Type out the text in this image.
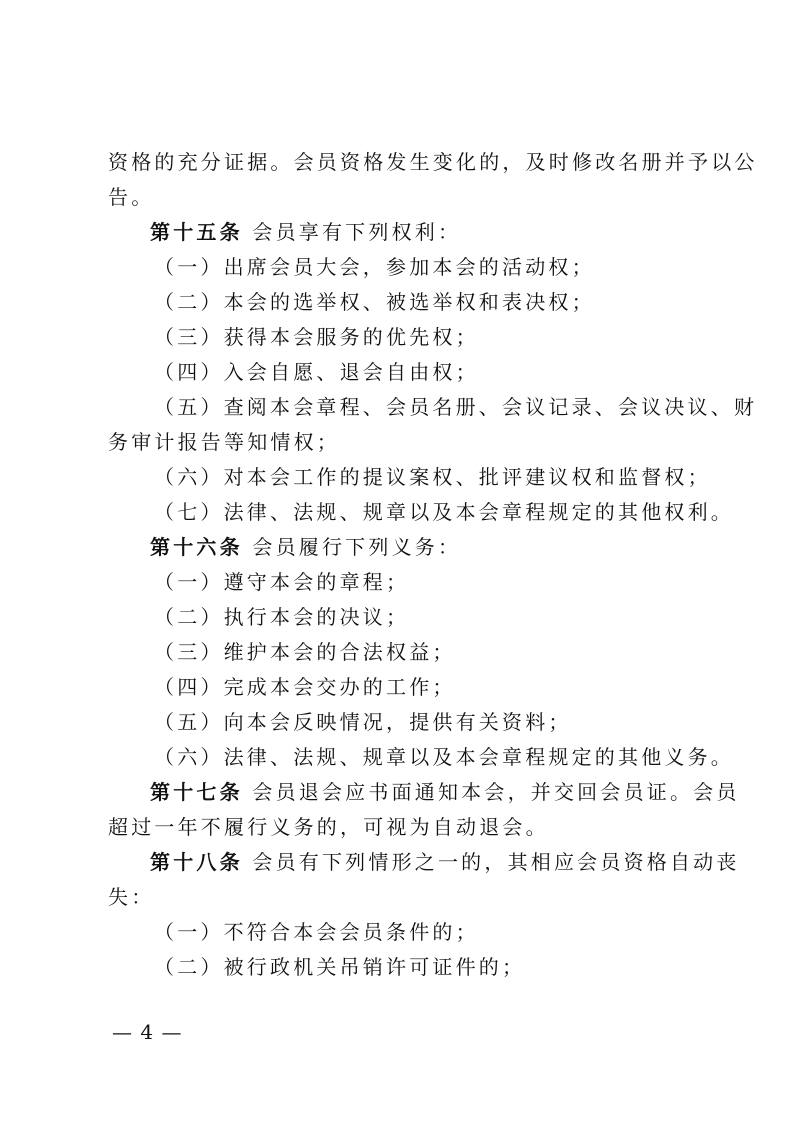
资格的充分证据。会员资格发生变化的，及时修改名册并予以公
告。
第十五条 会员享有下列权利：
（一）出席会员大会，参加本会的活动权；
（二）本会的选举权、被选举权和表决权；
（三）获得本会服务的优先权；
（四）入会自愿、退会自由权；
（五）查阅本会章程、会员名册、会议记录、会议决议、财
务审计报告等知情权；
（六）对本会工作的提议案权、批评建议权和监督权；
（七）法律、法规、规章以及本会章程规定的其他权利。
第十六条 会员履行下列义务：
（一）遵守本会的章程；
（二）执行本会的决议；
（三）维护本会的合法权益；
（四）完成本会交办的工作；
（五）向本会反映情况，提供有关资料；
（六）法律、法规、规章以及本会章程规定的其他义务。
第十七条 会员退会应书面通知本会，并交回会员证。会员
超过一年不履行义务的，可视为自动退会。
第十八条 会员有下列情形之一的，其相应会员资格自动丧
失：
（一）不符合本会会员条件的；
（二）被行政机关吊销许可证件的；
— 4 —
